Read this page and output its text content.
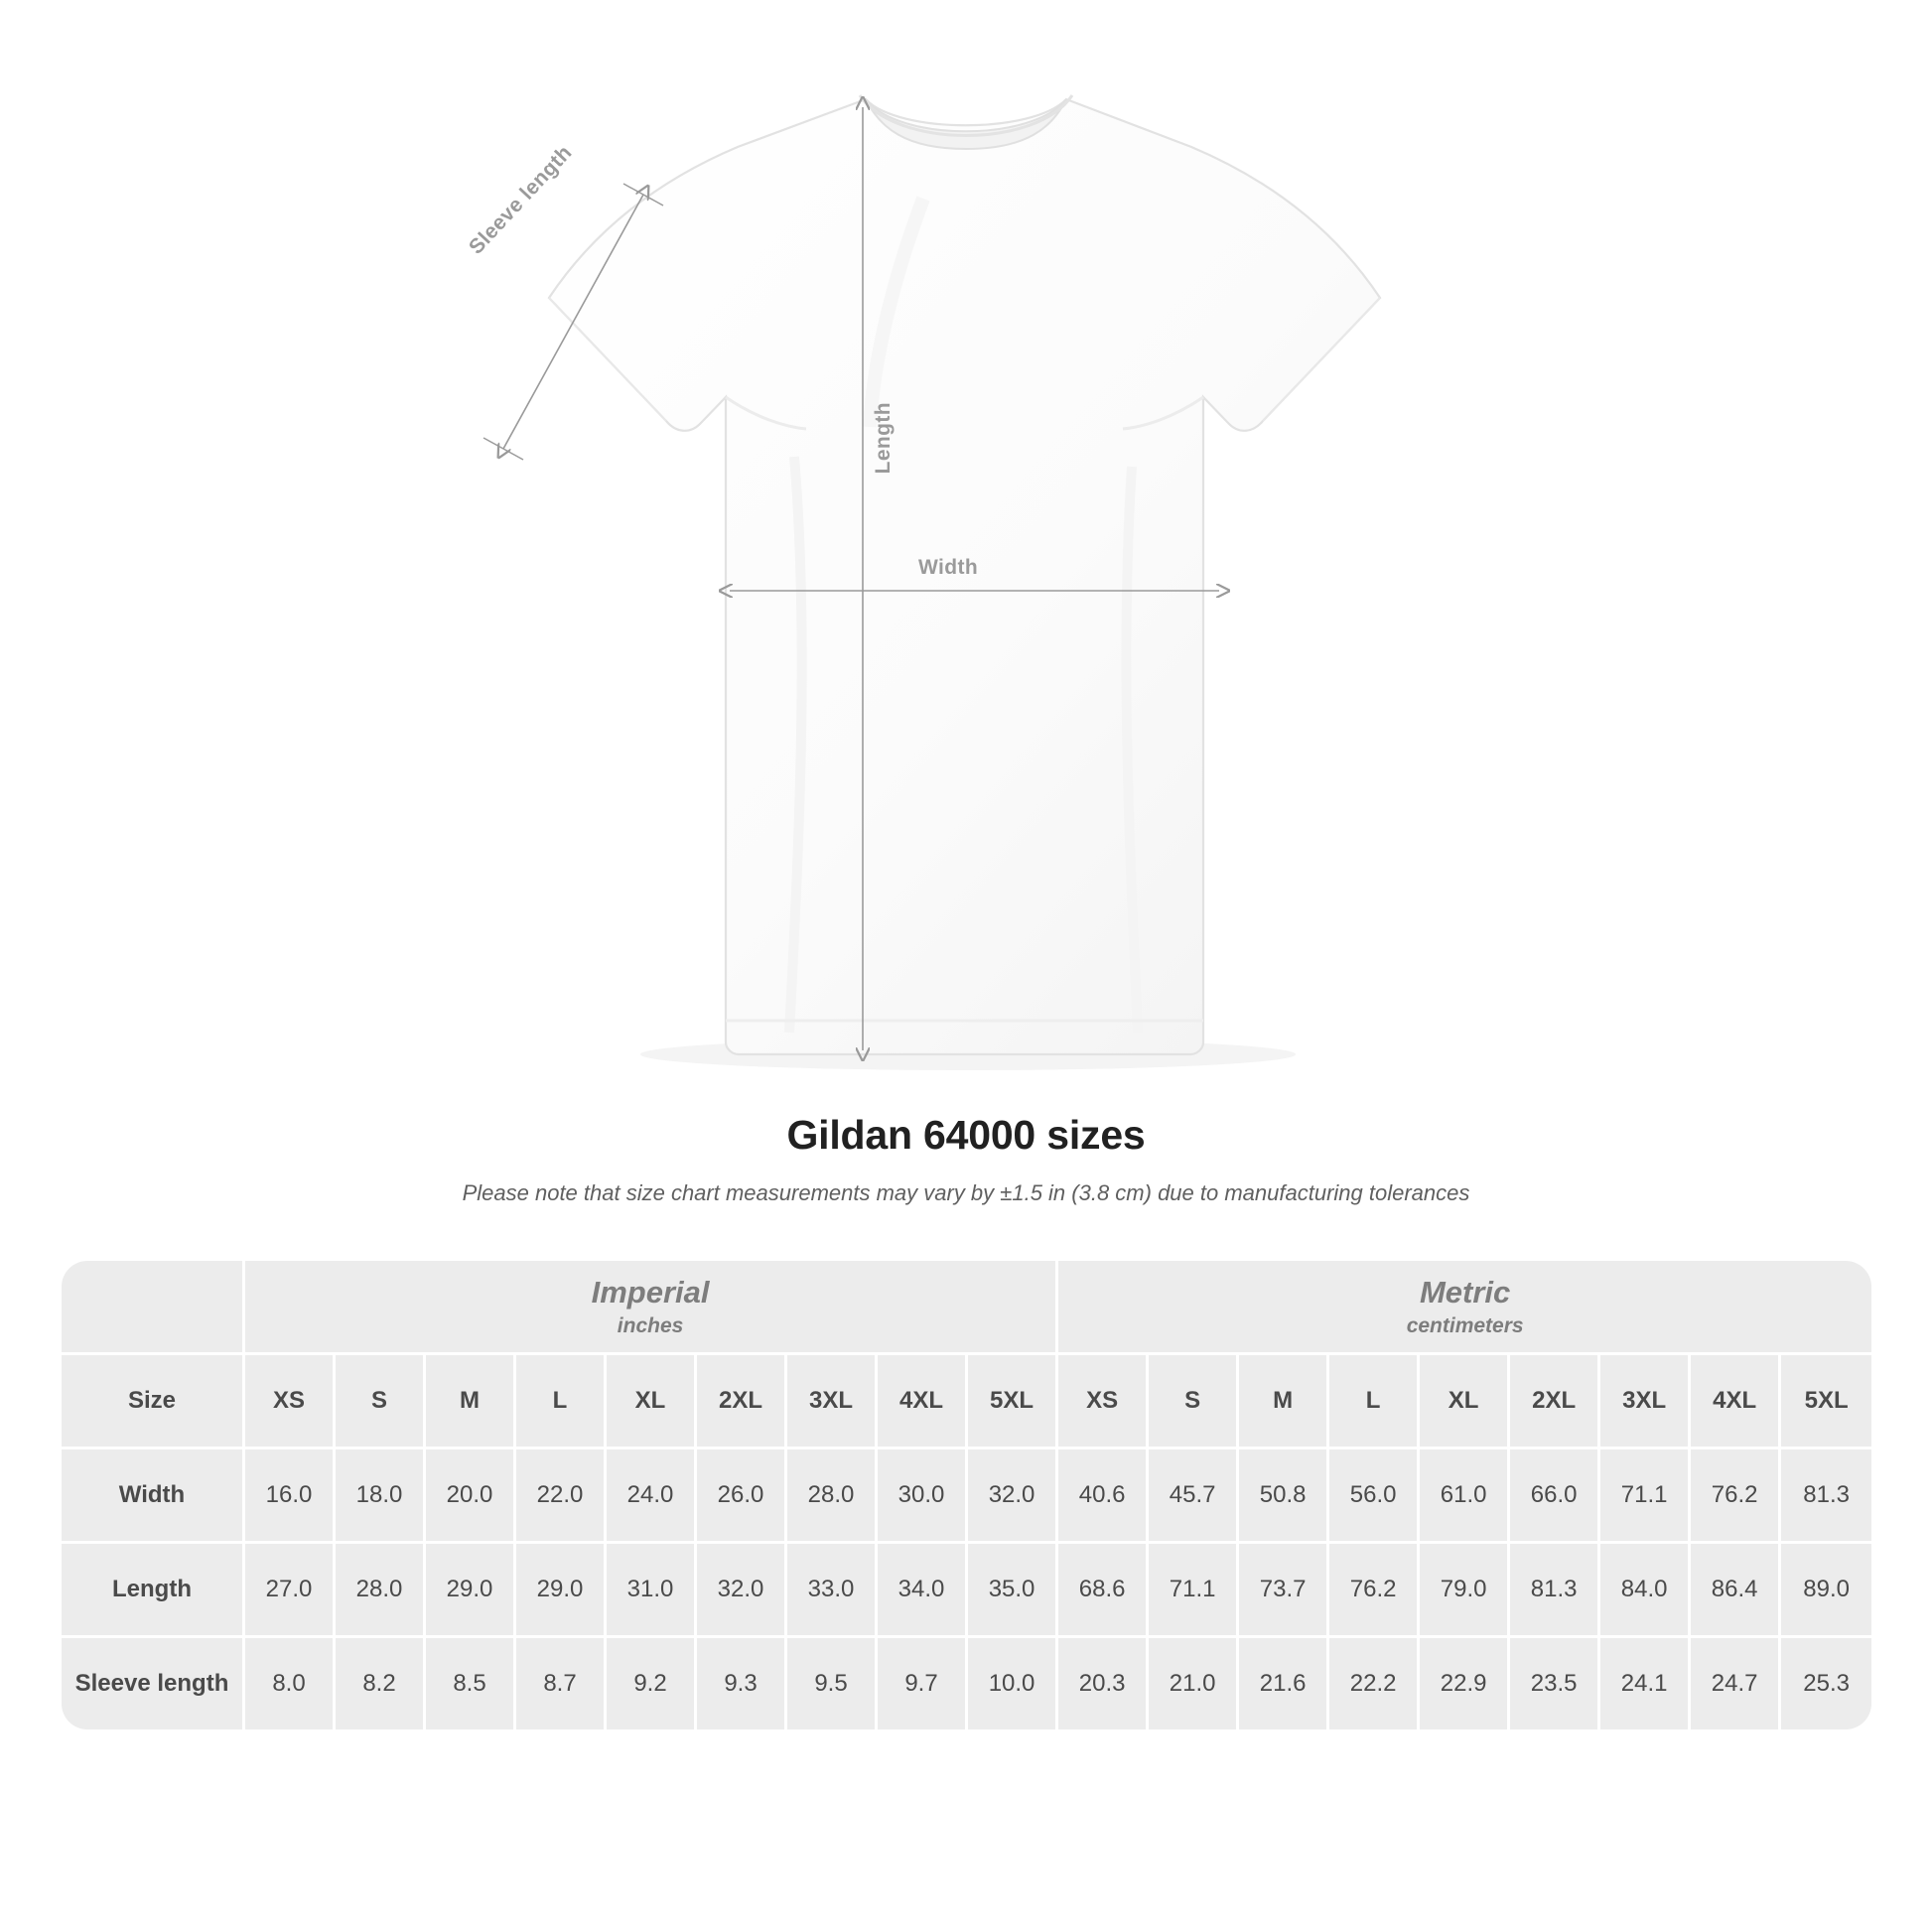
Length
Width
Sleeve length
Gildan 64000 sizes

Please note that size chart measurements may vary by ±1.5 in (3.8 cm) due to manufacturing tolerances

Imperial
inches

Metric
centimeters

Size	XS	S	M	L	XL	2XL	3XL	4XL	5XL	XS	S	M	L	XL	2XL	3XL	4XL	5XL
Width	16.0	18.0	20.0	22.0	24.0	26.0	28.0	30.0	32.0	40.6	45.7	50.8	56.0	61.0	66.0	71.1	76.2	81.3
Length	27.0	28.0	29.0	29.0	31.0	32.0	33.0	34.0	35.0	68.6	71.1	73.7	76.2	79.0	81.3	84.0	86.4	89.0
Sleeve length	8.0	8.2	8.5	8.7	9.2	9.3	9.5	9.7	10.0	20.3	21.0	21.6	22.2	22.9	23.5	24.1	24.7	25.3
